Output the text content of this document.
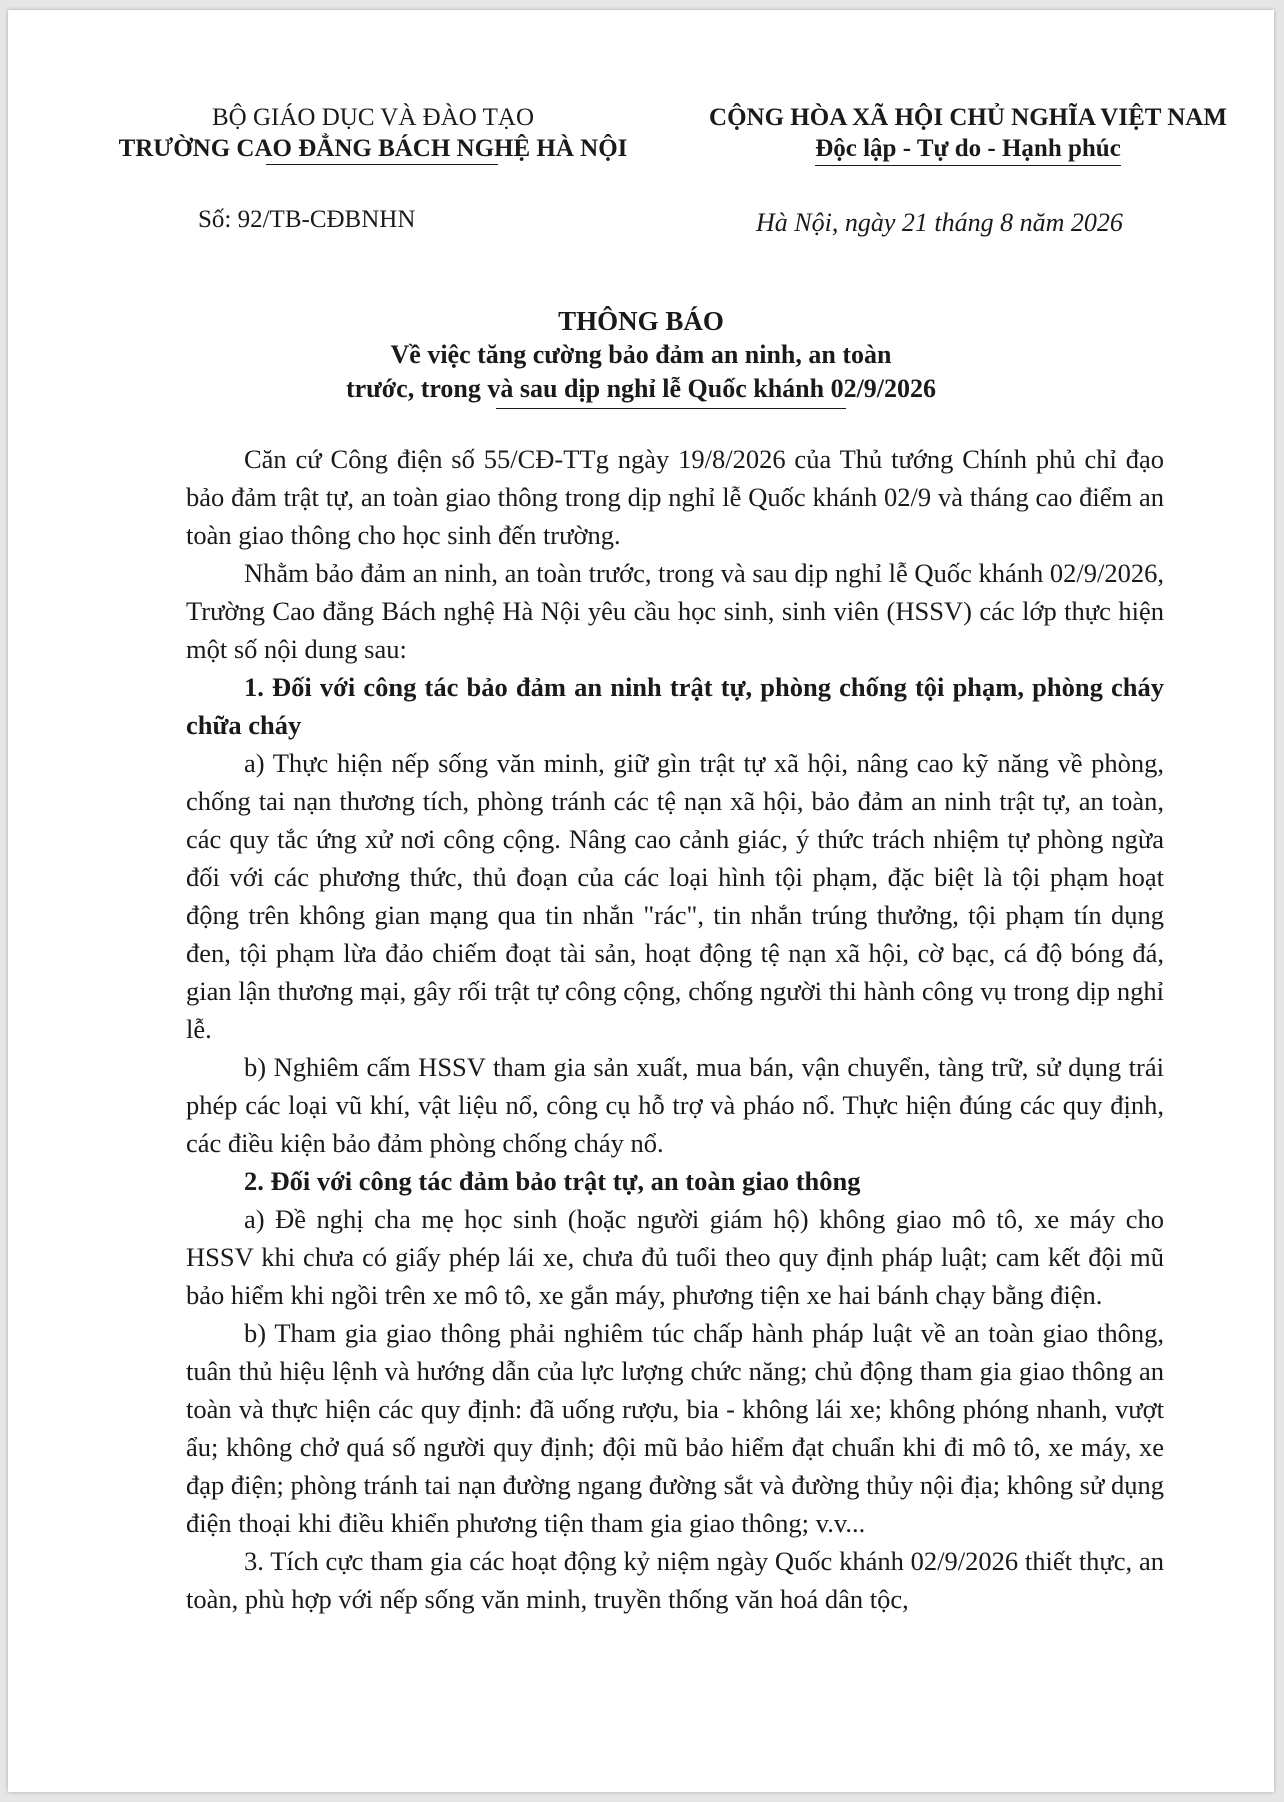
BỘ GIÁO DỤC VÀ ĐÀO TẠO
TRƯỜNG CAO ĐẲNG BÁCH NGHỆ HÀ NỘI
CỘNG HÒA XÃ HỘI CHỦ NGHĨA VIỆT NAM
Độc lập - Tự do - Hạnh phúc
Số: 92/TB-CĐBNHN	Hà Nội, ngày 21 tháng 8 năm 2026
THÔNG BÁO
Về việc tăng cường bảo đảm an ninh, an toàn
trước, trong và sau dịp nghỉ lễ Quốc khánh 02/9/2026

Căn cứ Công điện số 55/CĐ-TTg ngày 19/8/2026 của Thủ tướng Chính phủ chỉ đạo bảo đảm trật tự, an toàn giao thông trong dịp nghỉ lễ Quốc khánh 02/9 và tháng cao điểm an toàn giao thông cho học sinh đến trường.

Nhằm bảo đảm an ninh, an toàn trước, trong và sau dịp nghỉ lễ Quốc khánh 02/9/2026, Trường Cao đẳng Bách nghệ Hà Nội yêu cầu học sinh, sinh viên (HSSV) các lớp thực hiện một số nội dung sau:

1. Đối với công tác bảo đảm an ninh trật tự, phòng chống tội phạm, phòng cháy chữa cháy

a) Thực hiện nếp sống văn minh, giữ gìn trật tự xã hội, nâng cao kỹ năng về phòng, chống tai nạn thương tích, phòng tránh các tệ nạn xã hội, bảo đảm an ninh trật tự, an toàn, các quy tắc ứng xử nơi công cộng. Nâng cao cảnh giác, ý thức trách nhiệm tự phòng ngừa đối với các phương thức, thủ đoạn của các loại hình tội phạm, đặc biệt là tội phạm hoạt động trên không gian mạng qua tin nhắn "rác", tin nhắn trúng thưởng, tội phạm tín dụng đen, tội phạm lừa đảo chiếm đoạt tài sản, hoạt động tệ nạn xã hội, cờ bạc, cá độ bóng đá, gian lận thương mại, gây rối trật tự công cộng, chống người thi hành công vụ trong dịp nghỉ lễ.

b) Nghiêm cấm HSSV tham gia sản xuất, mua bán, vận chuyển, tàng trữ, sử dụng trái phép các loại vũ khí, vật liệu nổ, công cụ hỗ trợ và pháo nổ. Thực hiện đúng các quy định, các điều kiện bảo đảm phòng chống cháy nổ.

2. Đối với công tác đảm bảo trật tự, an toàn giao thông

a) Đề nghị cha mẹ học sinh (hoặc người giám hộ) không giao mô tô, xe máy cho HSSV khi chưa có giấy phép lái xe, chưa đủ tuổi theo quy định pháp luật; cam kết đội mũ bảo hiểm khi ngồi trên xe mô tô, xe gắn máy, phương tiện xe hai bánh chạy bằng điện.

b) Tham gia giao thông phải nghiêm túc chấp hành pháp luật về an toàn giao thông, tuân thủ hiệu lệnh và hướng dẫn của lực lượng chức năng; chủ động tham gia giao thông an toàn và thực hiện các quy định: đã uống rượu, bia - không lái xe; không phóng nhanh, vượt ẩu; không chở quá số người quy định; đội mũ bảo hiểm đạt chuẩn khi đi mô tô, xe máy, xe đạp điện; phòng tránh tai nạn đường ngang đường sắt và đường thủy nội địa; không sử dụng điện thoại khi điều khiển phương tiện tham gia giao thông; v.v...

3. Tích cực tham gia các hoạt động kỷ niệm ngày Quốc khánh 02/9/2026 thiết thực, an toàn, phù hợp với nếp sống văn minh, truyền thống văn hoá dân tộc,
